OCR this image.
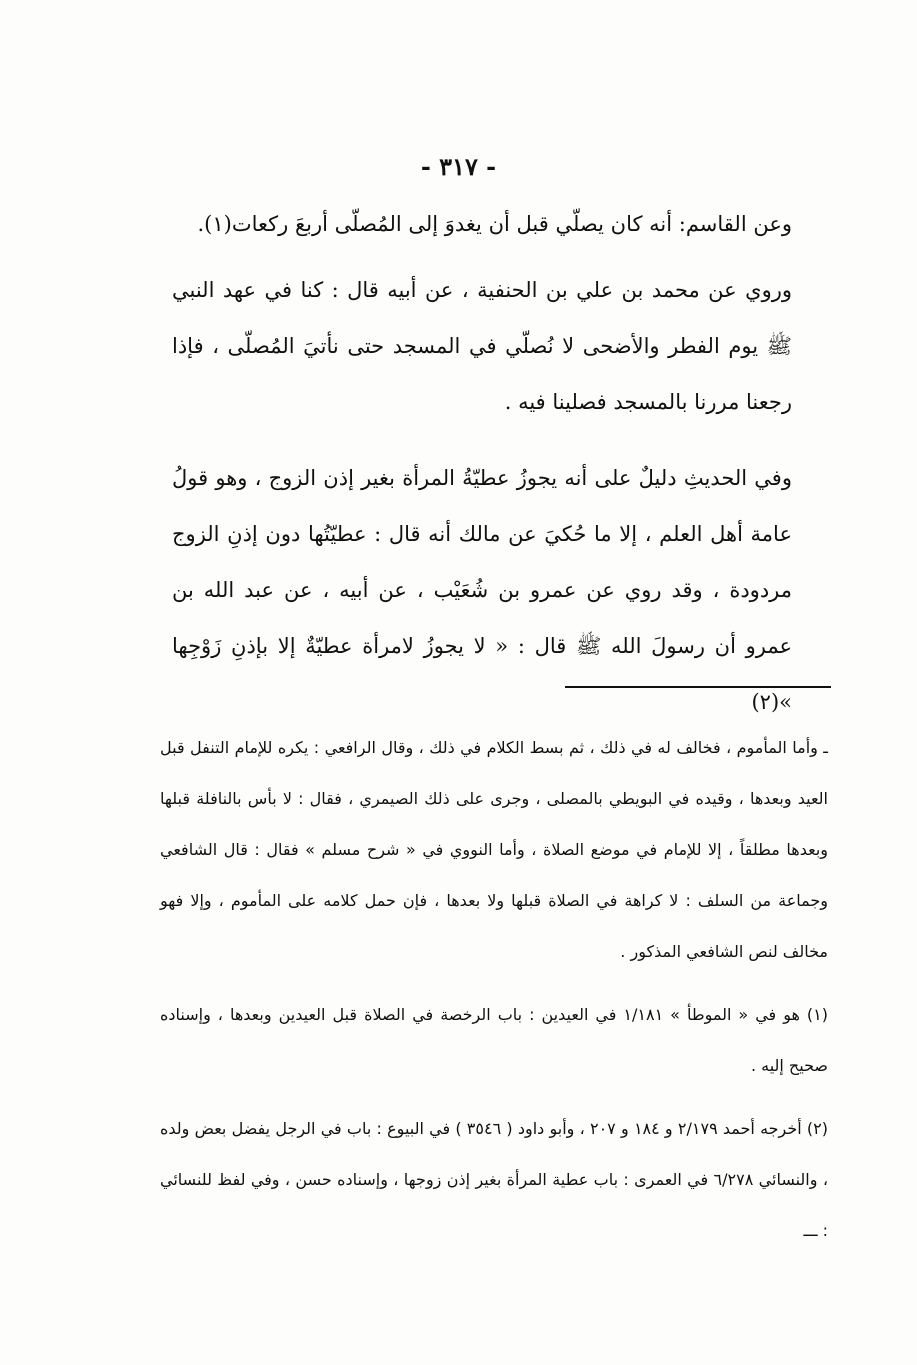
- ٣١٧ -

وعن القاسم: أنه كان يصلّي قبل أن يغدوَ إلى المُصلّى أربعَ ركعات(١).

وروي عن محمد بن علي بن الحنفية ، عن أبيه قال : كنا في عهد النبي ﷺ يوم الفطر والأضحى لا نُصلّي في المسجد حتى نأتيَ المُصلّى ، فإذا رجعنا مررنا بالمسجد فصلينا فيه .

وفي الحديثِ دليلٌ على أنه يجوزُ عطيّةُ المرأة بغير إذن الزوج ، وهو قولُ عامة أهل العلم ، إلا ما حُكيَ عن مالك أنه قال : عطيّتُها دون إذنِ الزوج مردودة ، وقد روي عن عمرو بن شُعَيْب ، عن أبيه ، عن عبد الله بن عمرو أن رسولَ الله ﷺ قال : « لا يجوزُ لامرأة عطيّةٌ إلا بإذنِ زَوْجِها »(٢)

ـ وأما المأموم ، فخالف له في ذلك ، ثم بسط الكلام في ذلك ، وقال الرافعي : يكره للإمام التنفل قبل العيد وبعدها ، وقيده في البويطي بالمصلى ، وجرى على ذلك الصيمري ، فقال : لا بأس بالنافلة قبلها وبعدها مطلقاً ، إلا للإمام في موضع الصلاة ، وأما النووي في « شرح مسلم » فقال : قال الشافعي وجماعة من السلف : لا كراهة في الصلاة قبلها ولا بعدها ، فإن حمل كلامه على المأموم ، وإلا فهو مخالف لنص الشافعي المذكور .

(١) هو في « الموطأ » ١/١٨١ في العيدين : باب الرخصة في الصلاة قبل العيدين وبعدها ، وإسناده صحيح إليه .

(٢) أخرجه أحمد ٢/١٧٩ و ١٨٤ و ٢٠٧ ، وأبو داود ( ٣٥٤٦ ) في البيوع : باب في الرجل يفضل بعض ولده ، والنسائي ٦/٢٧٨ في العمرى : باب عطية المرأة بغير إذن زوجها ، وإسناده حسن ، وفي لفظ للنسائي : ـــ
